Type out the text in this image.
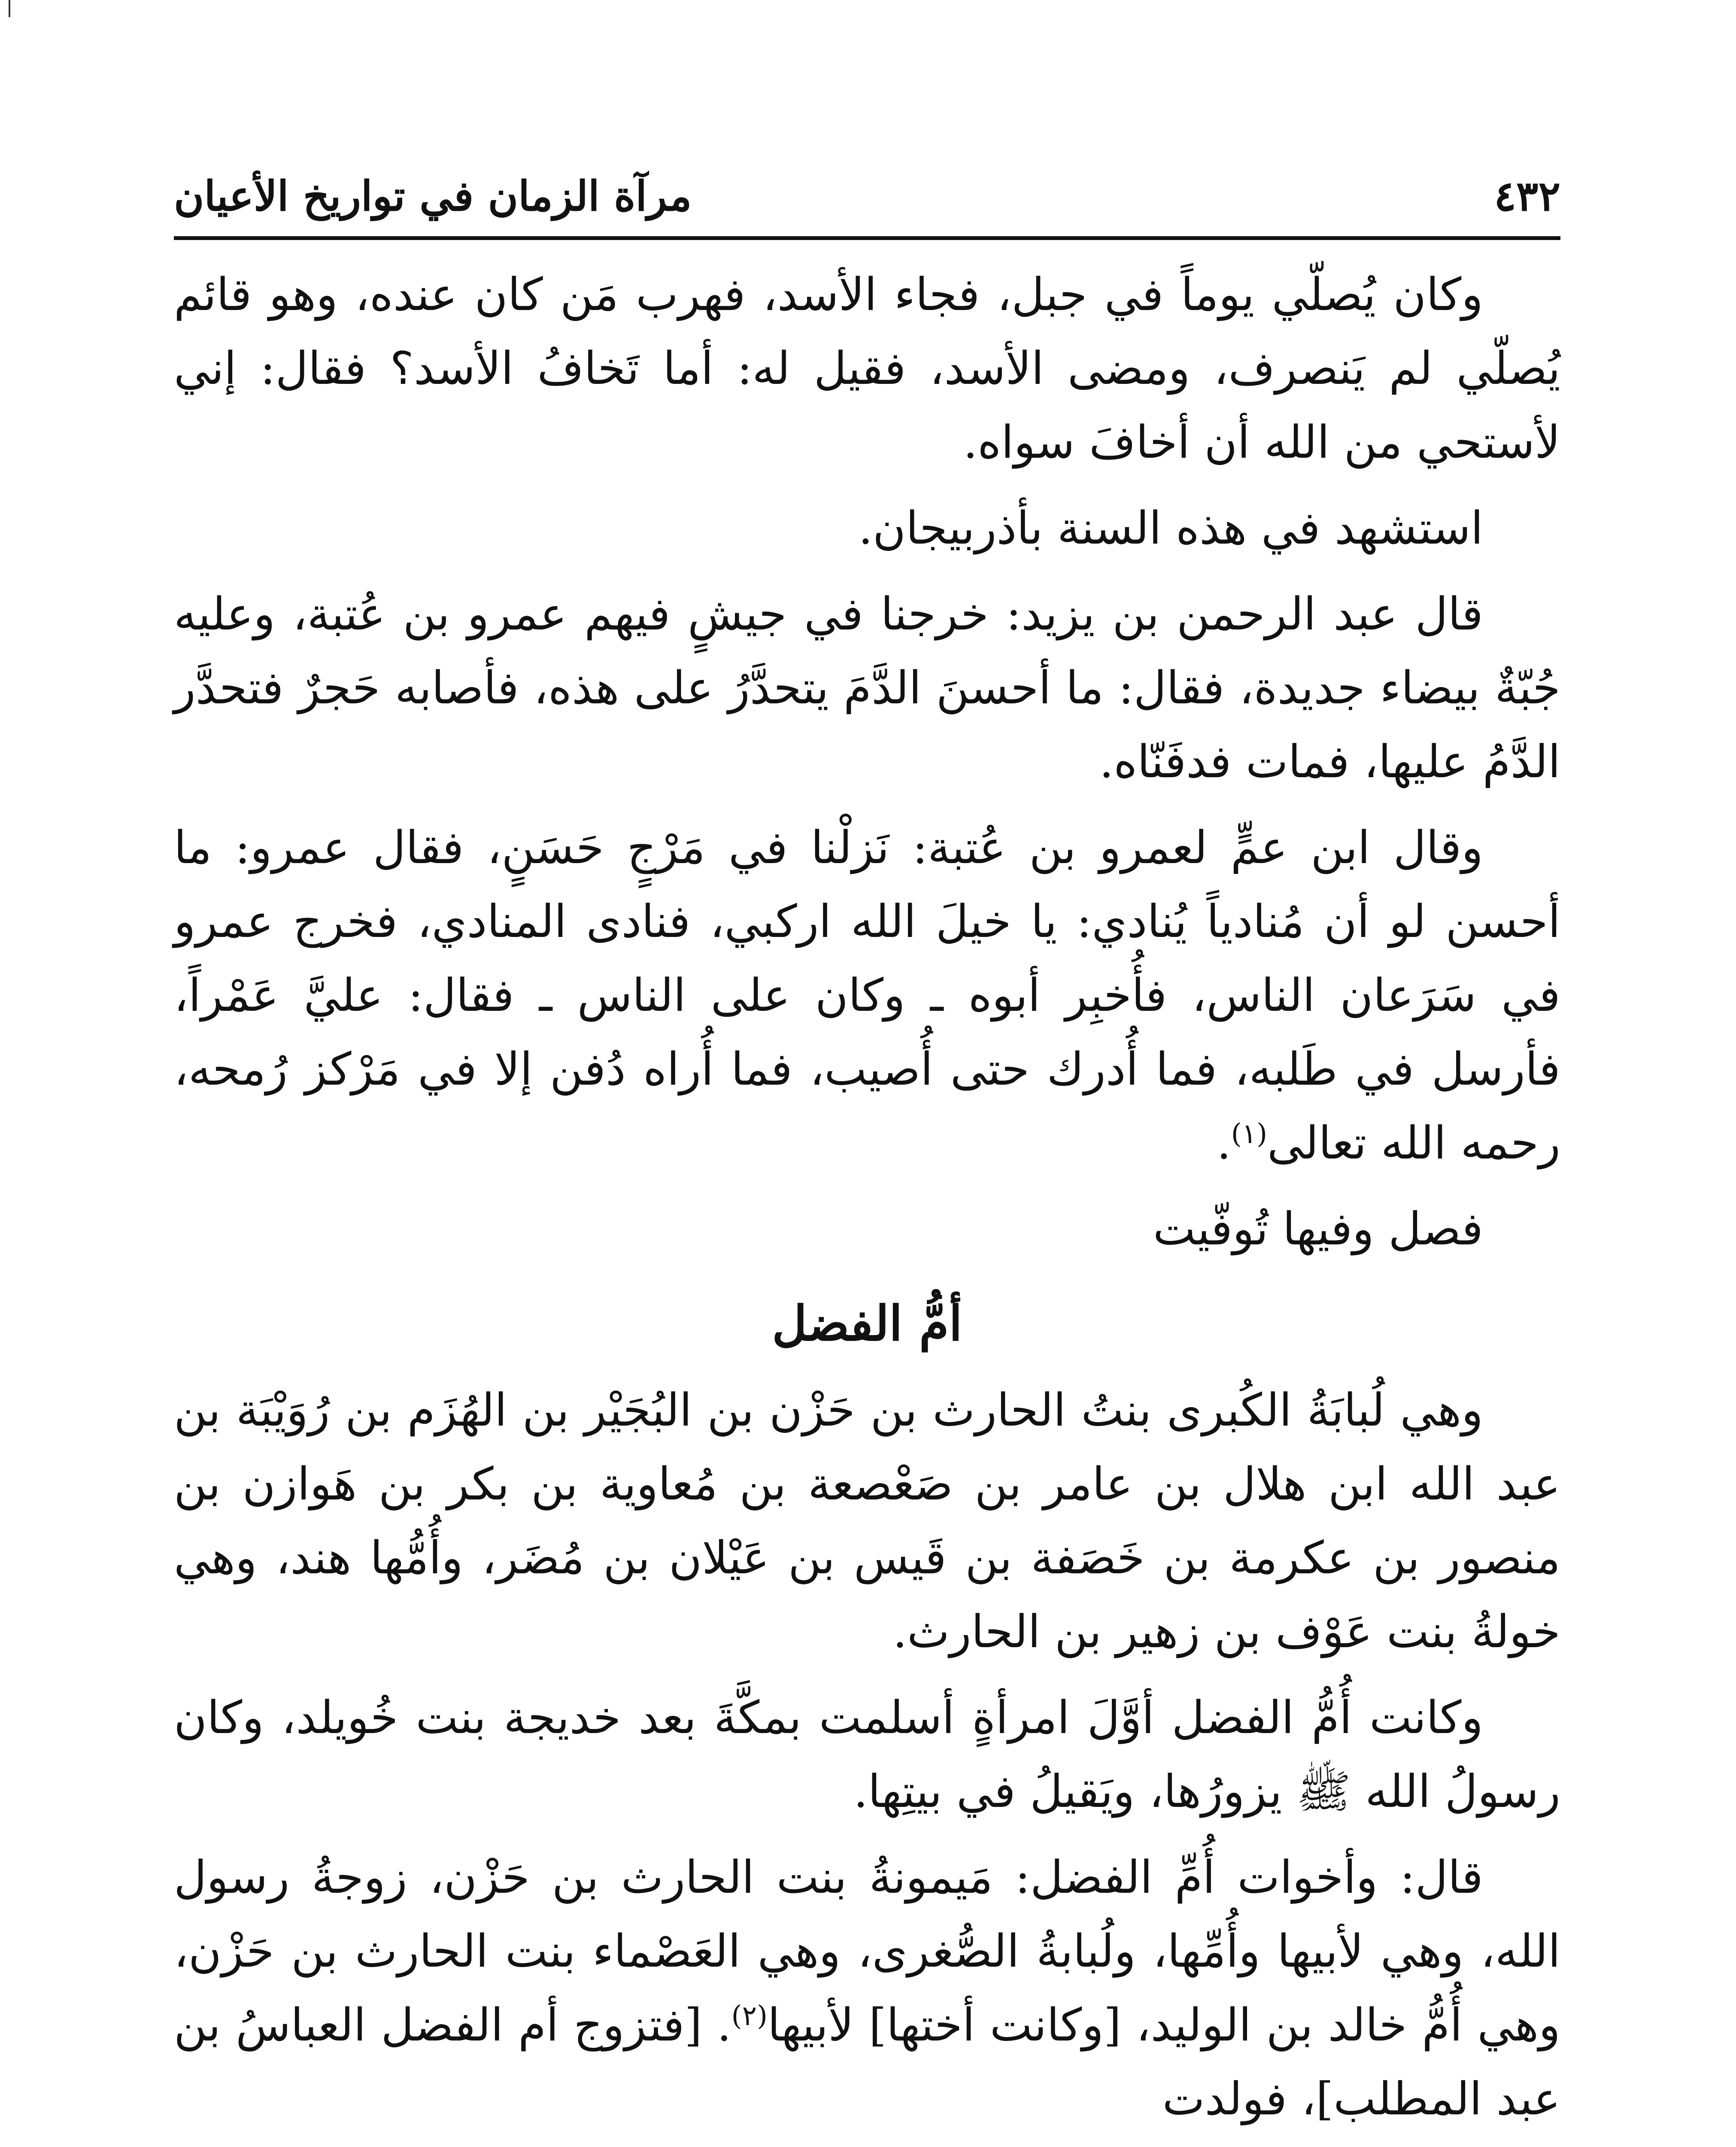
٤٣٢
مرآة الزمان في تواريخ الأعيان

وكان يُصلّي يوماً في جبل، فجاء الأسد، فهرب مَن كان عنده، وهو قائم يُصلّي لم يَنصرف، ومضى الأسد، فقيل له: أما تَخافُ الأسد؟ فقال: إني لأستحي من الله أن أخافَ سواه.

استشهد في هذه السنة بأذربيجان.

قال عبد الرحمن بن يزيد: خرجنا في جيشٍ فيهم عمرو بن عُتبة، وعليه جُبّةٌ بيضاء جديدة، فقال: ما أحسنَ الدَّمَ يتحدَّرُ على هذه، فأصابه حَجرٌ فتحدَّر الدَّمُ عليها، فمات فدفَنّاه.

وقال ابن عمٍّ لعمرو بن عُتبة: نَزلْنا في مَرْجٍ حَسَنٍ، فقال عمرو: ما أحسن لو أن مُنادياً يُنادي: يا خيلَ الله اركبي، فنادى المنادي، فخرج عمرو في سَرَعان الناس، فأُخبِر أبوه ـ وكان على الناس ـ فقال: عليَّ عَمْراً، فأرسل في طَلبه، فما أُدرك حتى أُصيب، فما أُراه دُفن إلا في مَرْكز رُمحه، رحمه الله تعالى$^{(١)}$.

فصل وفيها تُوفّيت

أمُّ الفضل

وهي لُبابَةُ الكُبرى بنتُ الحارث بن حَزْن بن البُجَيْر بن الهُزَم بن رُوَيْبَة بن عبد الله ابن هلال بن عامر بن صَعْصعة بن مُعاوية بن بكر بن هَوازن بن منصور بن عكرمة بن خَصَفة بن قَيس بن عَيْلان بن مُضَر، وأُمُّها هند، وهي خولةُ بنت عَوْف بن زهير بن الحارث.

وكانت أُمُّ الفضل أوَّلَ امرأةٍ أسلمت بمكَّةَ بعد خديجة بنت خُويلد، وكان رسولُ الله ﷺ يزورُها، ويَقيلُ في بيتِها.

قال: وأخوات أُمِّ الفضل: مَيمونةُ بنت الحارث بن حَزْن، زوجةُ رسول الله، وهي لأبيها وأُمِّها، ولُبابةُ الصُّغرى، وهي العَصْماء بنت الحارث بن حَزْن، وهي أُمُّ خالد بن الوليد، [وكانت أختها] لأبيها$^{(٢)}$. [فتزوج أم الفضل العباسُ بن عبد المطلب]، فولدت
